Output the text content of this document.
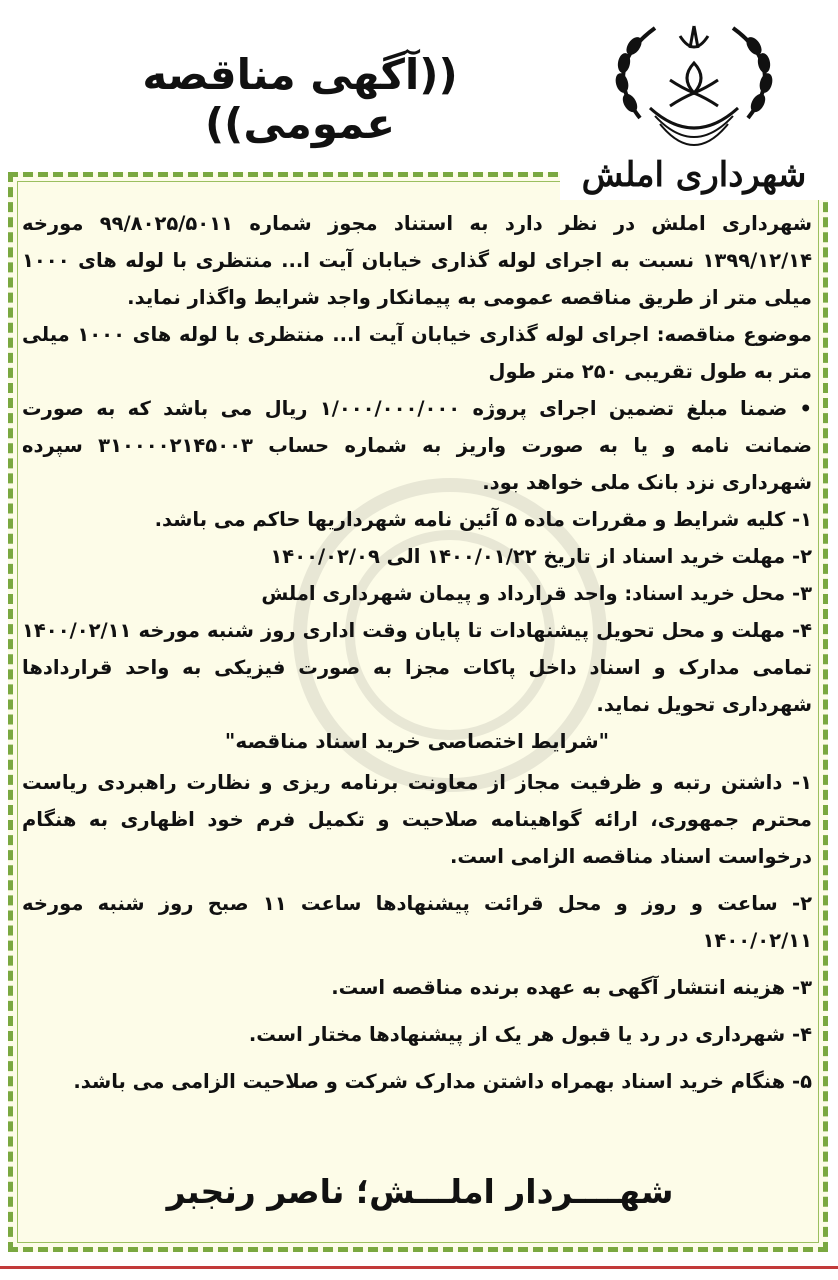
((آگهی مناقصه عمومی))
شهرداری املش

شهرداری املش در نظر دارد به استناد مجوز شماره ۹۹/۸۰۲۵/۵۰۱۱ مورخه ۱۳۹۹/۱۲/۱۴ نسبت به اجرای لوله گذاری خیابان آیت ا... منتظری با لوله های ۱۰۰۰ میلی متر از طریق مناقصه عمومی به پیمانکار واجد شرایط واگذار نماید.

موضوع مناقصه: اجرای لوله گذاری خیابان آیت ا... منتظری با لوله های ۱۰۰۰ میلی متر به طول تقریبی ۲۵۰ متر طول

• ضمنا مبلغ تضمین اجرای پروژه ۱/۰۰۰/۰۰۰/۰۰۰ ریال می باشد که به صورت ضمانت نامه و یا به صورت واریز به شماره حساب ۳۱۰۰۰۰۲۱۴۵۰۰۳ سپرده شهرداری نزد بانک ملی خواهد بود.

۱- کلیه شرایط و مقررات ماده ۵ آئین نامه شهرداریها حاکم می باشد.

۲- مهلت خرید اسناد از تاریخ ۱۴۰۰/۰۱/۲۲ الی ۱۴۰۰/۰۲/۰۹

۳- محل خرید اسناد: واحد قرارداد و پیمان شهرداری املش

۴- مهلت و محل تحویل پیشنهادات تا پایان وقت اداری روز شنبه مورخه ۱۴۰۰/۰۲/۱۱ تمامی مدارک و اسناد داخل پاکات مجزا به صورت فیزیکی به واحد قراردادها شهرداری تحویل نماید.

"شرایط اختصاصی خرید اسناد مناقصه"

۱- داشتن رتبه و ظرفیت مجاز از معاونت برنامه ریزی و نظارت راهبردی ریاست محترم جمهوری، ارائه گواهینامه صلاحیت و تکمیل فرم خود اظهاری به هنگام درخواست اسناد مناقصه الزامی است.

۲- ساعت و روز و محل قرائت پیشنهادها ساعت ۱۱ صبح روز شنبه مورخه ۱۴۰۰/۰۲/۱۱

۳- هزینه انتشار آگهی به عهده برنده مناقصه است.

۴- شهرداری در رد یا قبول هر یک از پیشنهادها مختار است.

۵- هنگام خرید اسناد بهمراه داشتن مدارک شرکت و صلاحیت الزامی می باشد.

شهــــردار املـــش؛ ناصر رنجبر
